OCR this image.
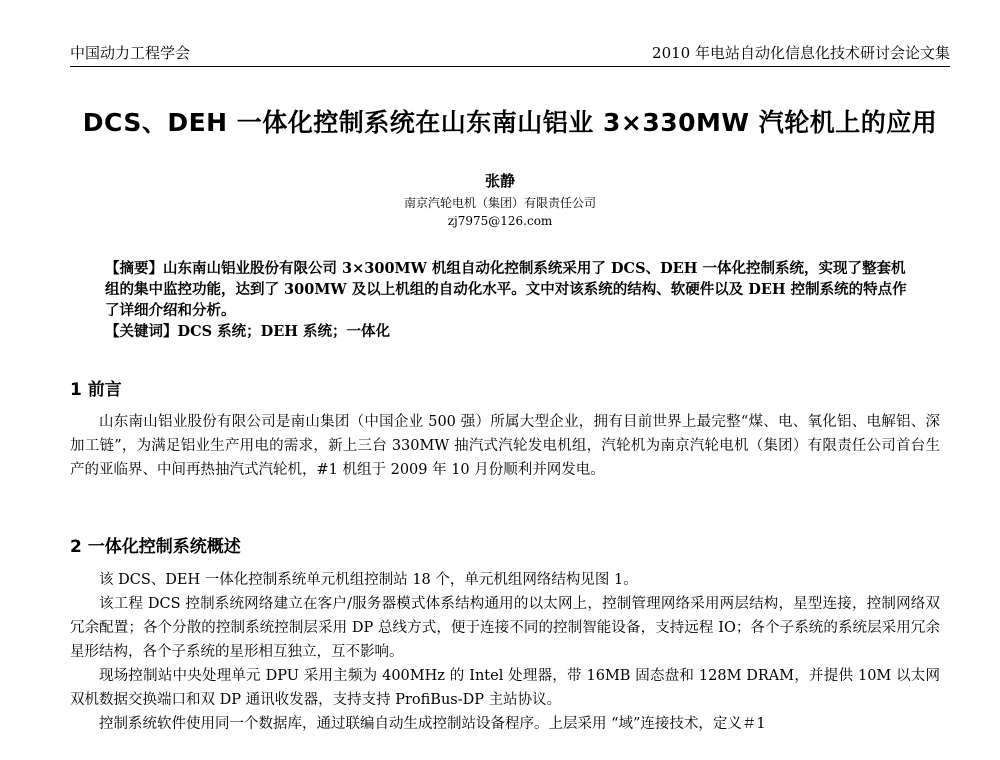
中国动力工程学会	2010 年电站自动化信息化技术研讨会论文集
DCS、DEH 一体化控制系统在山东南山铝业 3×330MW 汽轮机上的应用
张静
南京汽轮电机（集团）有限责任公司
zj7975@126.com

【摘要】山东南山铝业股份有限公司 3×300MW 机组自动化控制系统采用了 DCS、DEH 一体化控制系统，实现了整套机组的集中监控功能，达到了 300MW 及以上机组的自动化水平。文中对该系统的结构、软硬件以及 DEH 控制系统的特点作了详细介绍和分析。

【关键词】DCS 系统；DEH 系统；一体化

1 前言

山东南山铝业股份有限公司是南山集团（中国企业 500 强）所属大型企业，拥有目前世界上最完整“煤、电、氧化铝、电解铝、深加工链”，为满足铝业生产用电的需求，新上三台 330MW 抽汽式汽轮发电机组，汽轮机为南京汽轮电机（集团）有限责任公司首台生产的亚临界、中间再热抽汽式汽轮机，#1 机组于 2009 年 10 月份顺利并网发电。

2 一体化控制系统概述

该 DCS、DEH 一体化控制系统单元机组控制站 18 个，单元机组网络结构见图 1。

该工程 DCS 控制系统网络建立在客户/服务器模式体系结构通用的以太网上，控制管理网络采用两层结构，星型连接，控制网络双冗余配置；各个分散的控制系统控制层采用 DP 总线方式，便于连接不同的控制智能设备，支持远程 IO；各个子系统的系统层采用冗余星形结构，各个子系统的星形相互独立，互不影响。

现场控制站中央处理单元 DPU 采用主频为 400MHz 的 Intel 处理器，带 16MB 固态盘和 128M DRAM，并提供 10M 以太网双机数据交换端口和双 DP 通讯收发器，支持支持 ProfiBus-DP 主站协议。

控制系统软件使用同一个数据库，通过联编自动生成控制站设备程序。上层采用 “域”连接技术，定义＃1
